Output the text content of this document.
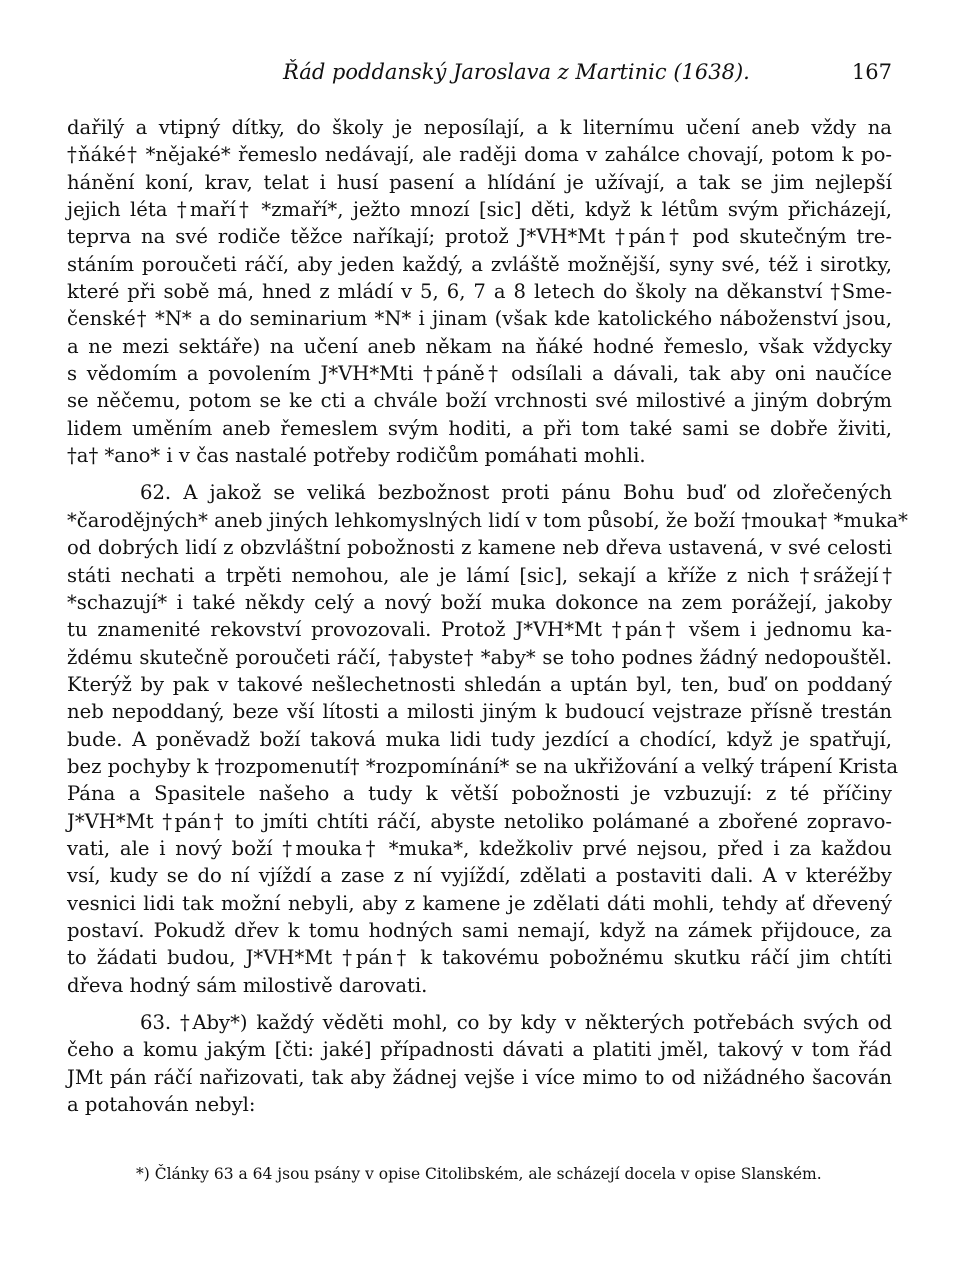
Řád poddanský Jaroslava z Martinic (1638).	167
dařilý a vtipný dítky, do školy je neposílají, a k liternímu učení aneb vždy na
†ňáké† *nějaké* řemeslo nedávají, ale raději doma v zahálce chovají, potom k po-
hánění koní, krav, telat i husí pasení a hlídání je užívají, a tak se jim nejlepší
jejich léta †maří† *zmaří*, ježto mnozí [sic] děti, když k létům svým přicházejí,
teprva na své rodiče těžce naříkají; protož J*VH*Mt †pán† pod skutečným tre-
stáním poroučeti ráčí, aby jeden každý, a zvláště možnější, syny své, též i sirotky,
které při sobě má, hned z mládí v 5, 6, 7 a 8 letech do školy na děkanství †Sme-
čenské† *N* a do seminarium *N* i jinam (však kde katolického náboženství jsou,
a ne mezi sektáře) na učení aneb někam na ňáké hodné řemeslo, však vždycky
s vědomím a povolením J*VH*Mti †páně† odsílali a dávali, tak aby oni naučíce
se něčemu, potom se ke cti a chvále boží vrchnosti své milostivé a jiným dobrým
lidem uměním aneb řemeslem svým hoditi, a při tom také sami se dobře živiti,
†a† *ano* i v čas nastalé potřeby rodičům pomáhati mohli.
62. A jakož se veliká bezbožnost proti pánu Bohu buď od zlořečených
*čarodějných* aneb jiných lehkomyslných lidí v tom působí, že boží †mouka† *muka*
od dobrých lidí z obzvláštní pobožnosti z kamene neb dřeva ustavená, v své celosti
státi nechati a trpěti nemohou, ale je lámí [sic], sekají a kříže z nich †srážejí†
*schazují* i také někdy celý a nový boží muka dokonce na zem porážejí, jakoby
tu znamenité rekovství provozovali. Protož J*VH*Mt †pán† všem i jednomu ka-
ždému skutečně poroučeti ráčí, †abyste† *aby* se toho podnes žádný nedopouštěl.
Kterýž by pak v takové nešlechetnosti shledán a uptán byl, ten, buď on poddaný
neb nepoddaný, beze vší lítosti a milosti jiným k budoucí vejstraze přísně trestán
bude. A poněvadž boží taková muka lidi tudy jezdící a chodící, když je spatřují,
bez pochyby k †rozpomenutí† *rozpomínání* se na ukřižování a velký trápení Krista
Pána a Spasitele našeho a tudy k větší pobožnosti je vzbuzují: z té příčiny
J*VH*Mt †pán† to jmíti chtíti ráčí, abyste netoliko polámané a zbořené zopravo-
vati, ale i nový boží †mouka† *muka*, kdežkoliv prvé nejsou, před i za každou
vsí, kudy se do ní vjíždí a zase z ní vyjíždí, zdělati a postaviti dali. A v kteréžby
vesnici lidi tak možní nebyli, aby z kamene je zdělati dáti mohli, tehdy ať dřevený
postaví. Pokudž dřev k tomu hodných sami nemají, když na zámek přijdouce, za
to žádati budou, J*VH*Mt †pán† k takovému pobožnému skutku ráčí jim chtíti
dřeva hodný sám milostivě darovati.
63. †Aby*) každý věděti mohl, co by kdy v některých potřebách svých od
čeho a komu jakým [čti: jaké] případnosti dávati a platiti jměl, takový v tom řád
JMt pán ráčí nařizovati, tak aby žádnej vejše i více mimo to od nižádného šacován
a potahován nebyl:
*) Články 63 a 64 jsou psány v opise Citolibském, ale scházejí docela v opise Slanském.
